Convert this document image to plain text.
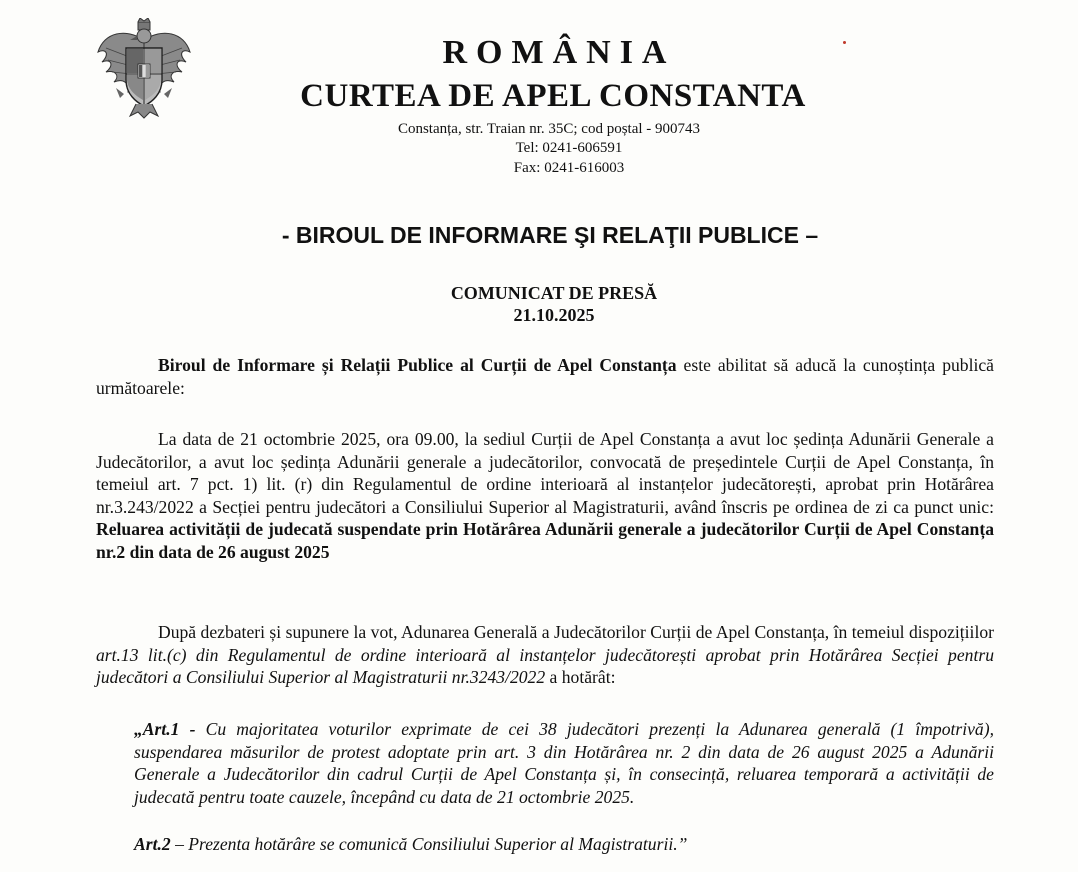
ROMÂNIA
CURTEA DE APEL CONSTANTA
Constanța, str. Traian nr. 35C; cod poștal - 900743
Tel: 0241-606591
Fax: 0241-616003
- BIROUL DE INFORMARE ŞI RELAŢII PUBLICE –
COMUNICAT DE PRESĂ
21.10.2025
Biroul de Informare și Relații Publice al Curții de Apel Constanța este abilitat să aducă la cunoștința publică următoarele:
La data de 21 octombrie 2025, ora 09.00, la sediul Curții de Apel Constanța a avut loc ședința Adunării Generale a Judecătorilor, a avut loc ședința Adunării generale a judecătorilor, convocată de președintele Curții de Apel Constanța, în temeiul art. 7 pct. 1) lit. (r) din Regulamentul de ordine interioară al instanțelor judecătorești, aprobat prin Hotărârea nr.3.243/2022 a Secției pentru judecători a Consiliului Superior al Magistraturii, având înscris pe ordinea de zi ca punct unic: Reluarea activității de judecată suspendate prin Hotărârea Adunării generale a judecătorilor Curții de Apel Constanța nr.2 din data de 26 august 2025
După dezbateri și supunere la vot, Adunarea Generală a Judecătorilor Curții de Apel Constanța, în temeiul dispozițiilor art.13 lit.(c) din Regulamentul de ordine interioară al instanțelor judecătorești aprobat prin Hotărârea Secției pentru judecători a Consiliului Superior al Magistraturii nr.3243/2022 a hotărât:
„Art.1 - Cu majoritatea voturilor exprimate de cei 38 judecători prezenți la Adunarea generală (1 împotrivă), suspendarea măsurilor de protest adoptate prin art. 3 din Hotărârea nr. 2 din data de 26 august 2025 a Adunării Generale a Judecătorilor din cadrul Curții de Apel Constanța și, în consecință, reluarea temporară a activității de judecată pentru toate cauzele, începând cu data de 21 octombrie 2025.
Art.2 – Prezenta hotărâre se comunică Consiliului Superior al Magistraturii.”
